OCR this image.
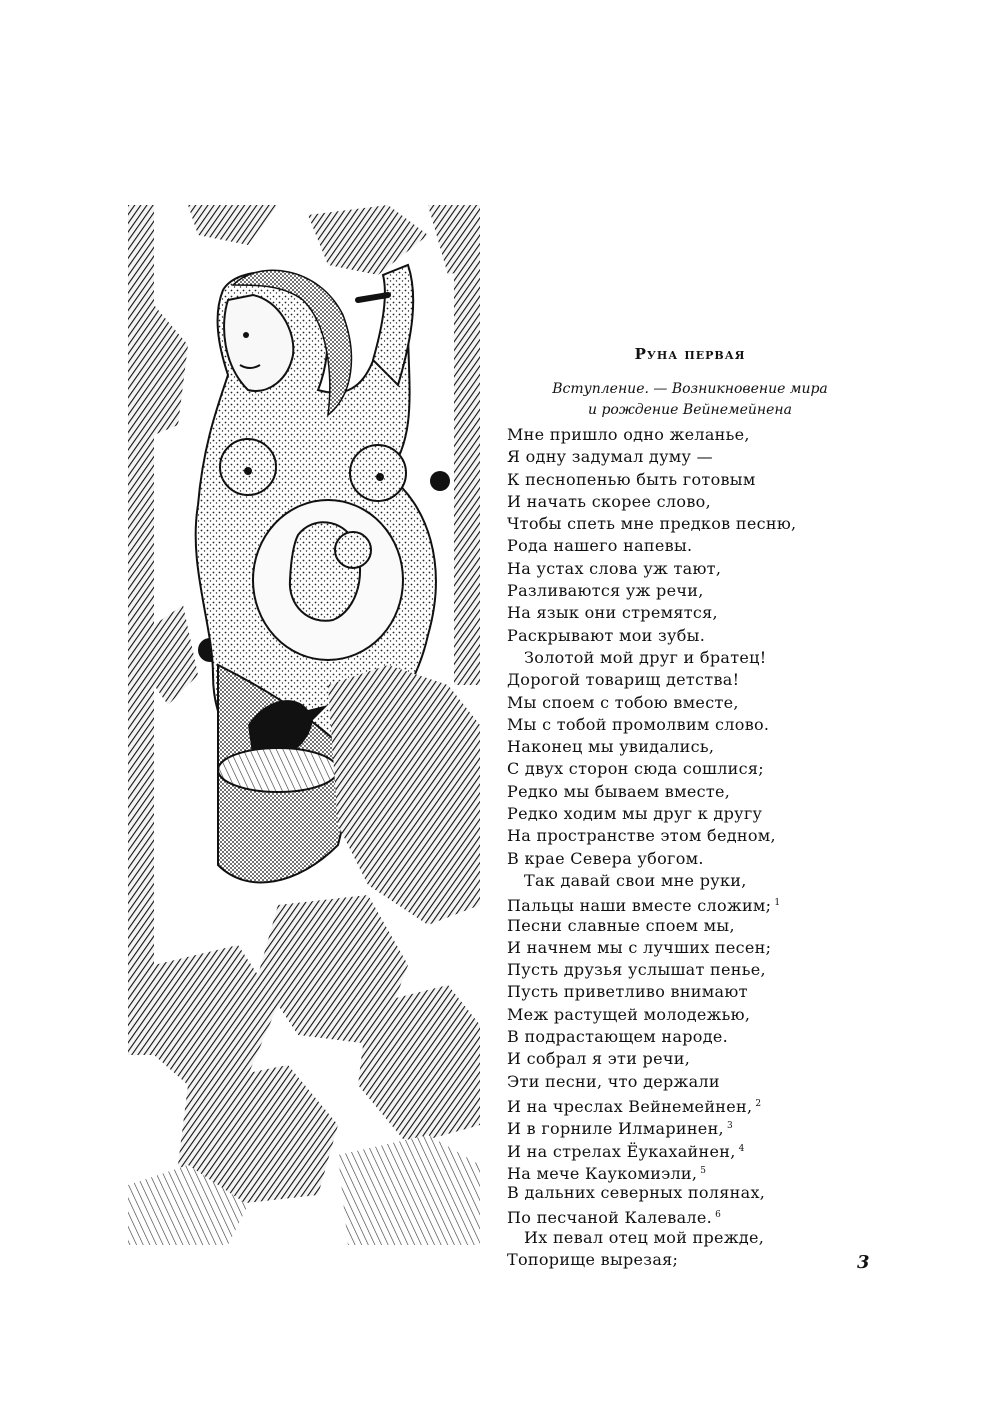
Руна первая
Вступление. — Возникновение мира
и рождение Вейнемейнена
Мне пришло одно желанье,
Я одну задумал думу —
К песнопенью быть готовым
И начать скорее слово,
Чтобы спеть мне предков песню,
Рода нашего напевы.
На устах слова уж тают,
Разливаются уж речи,
На язык они стремятся,
Раскрывают мои зубы.
Золотой мой друг и братец!
Дорогой товарищ детства!
Мы споем с тобою вместе,
Мы с тобой промолвим слово.
Наконец мы увидались,
С двух сторон сюда сошлися;
Редко мы бываем вместе,
Редко ходим мы друг к другу
На пространстве этом бедном,
В крае Севера убогом.
Так давай свои мне руки,
Пальцы наши вместе сложим; $^1$
Песни славные споем мы,
И начнем мы с лучших песен;
Пусть друзья услышат пенье,
Пусть приветливо внимают
Меж растущей молодежью,
В подрастающем народе.
И собрал я эти речи,
Эти песни, что держали
И на чреслах Вейнемейнен, $^2$
И в горниле Илмаринен, $^3$
И на стрелах Ёукахайнен, $^4$
На мече Каукомиэли, $^5$
В дальних северных полянах,
По песчаной Калевале. $^6$
Их певал отец мой прежде,
Топорище вырезая;	3
